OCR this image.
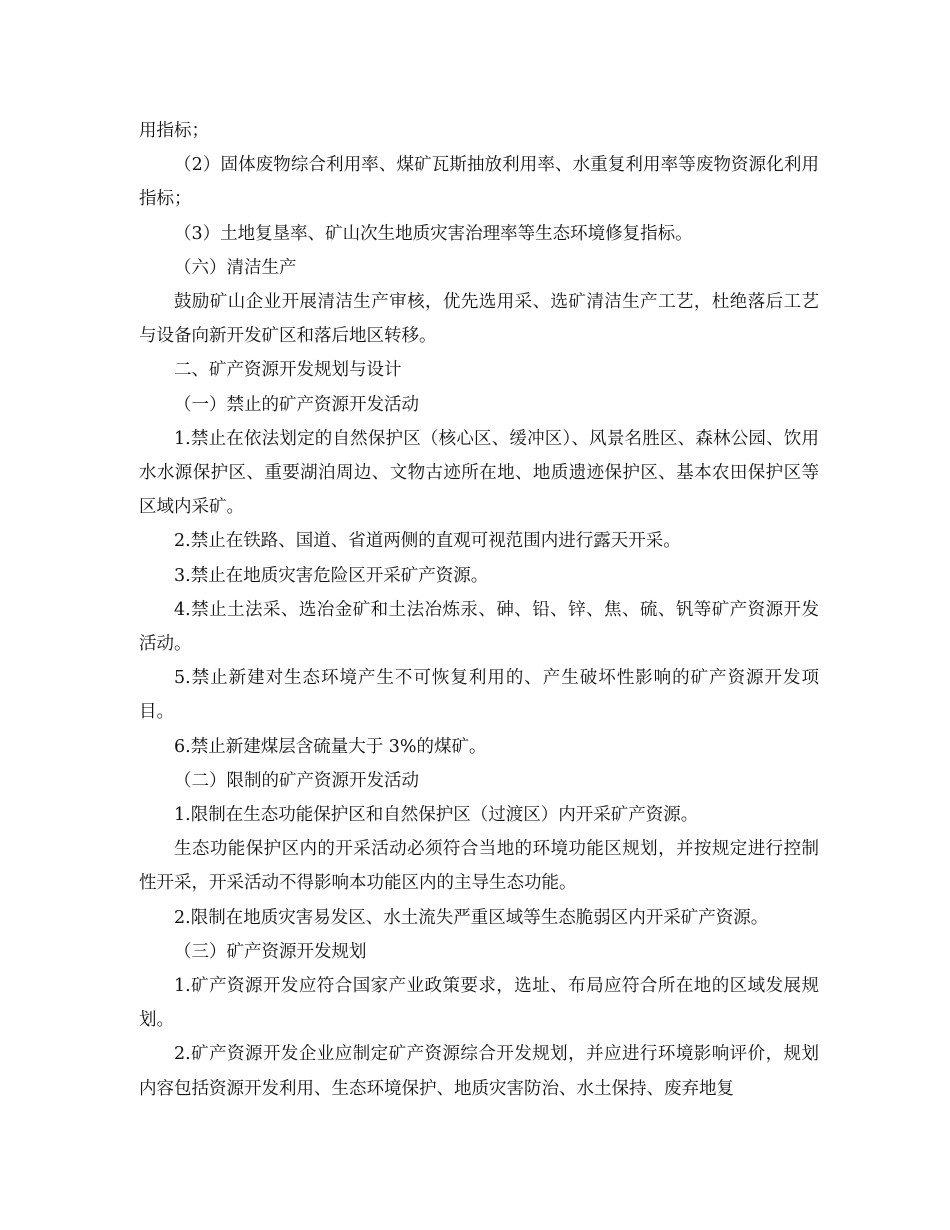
用指标；

（2）固体废物综合利用率、煤矿瓦斯抽放利用率、水重复利用率等废物资源化利用指标；

（3）土地复垦率、矿山次生地质灾害治理率等生态环境修复指标。

（六）清洁生产

鼓励矿山企业开展清洁生产审核，优先选用采、选矿清洁生产工艺，杜绝落后工艺与设备向新开发矿区和落后地区转移。

二、矿产资源开发规划与设计

（一）禁止的矿产资源开发活动

1.禁止在依法划定的自然保护区（核心区、缓冲区）、风景名胜区、森林公园、饮用水水源保护区、重要湖泊周边、文物古迹所在地、地质遗迹保护区、基本农田保护区等区域内采矿。

2.禁止在铁路、国道、省道两侧的直观可视范围内进行露天开采。

3.禁止在地质灾害危险区开采矿产资源。

4.禁止土法采、选冶金矿和土法冶炼汞、砷、铅、锌、焦、硫、钒等矿产资源开发活动。

5.禁止新建对生态环境产生不可恢复利用的、产生破坏性影响的矿产资源开发项目。

6.禁止新建煤层含硫量大于 3%的煤矿。

（二）限制的矿产资源开发活动

1.限制在生态功能保护区和自然保护区（过渡区）内开采矿产资源。

生态功能保护区内的开采活动必须符合当地的环境功能区规划，并按规定进行控制性开采，开采活动不得影响本功能区内的主导生态功能。

2.限制在地质灾害易发区、水土流失严重区域等生态脆弱区内开采矿产资源。

（三）矿产资源开发规划

1.矿产资源开发应符合国家产业政策要求，选址、布局应符合所在地的区域发展规划。

2.矿产资源开发企业应制定矿产资源综合开发规划，并应进行环境影响评价，规划内容包括资源开发利用、生态环境保护、地质灾害防治、水土保持、废弃地复
